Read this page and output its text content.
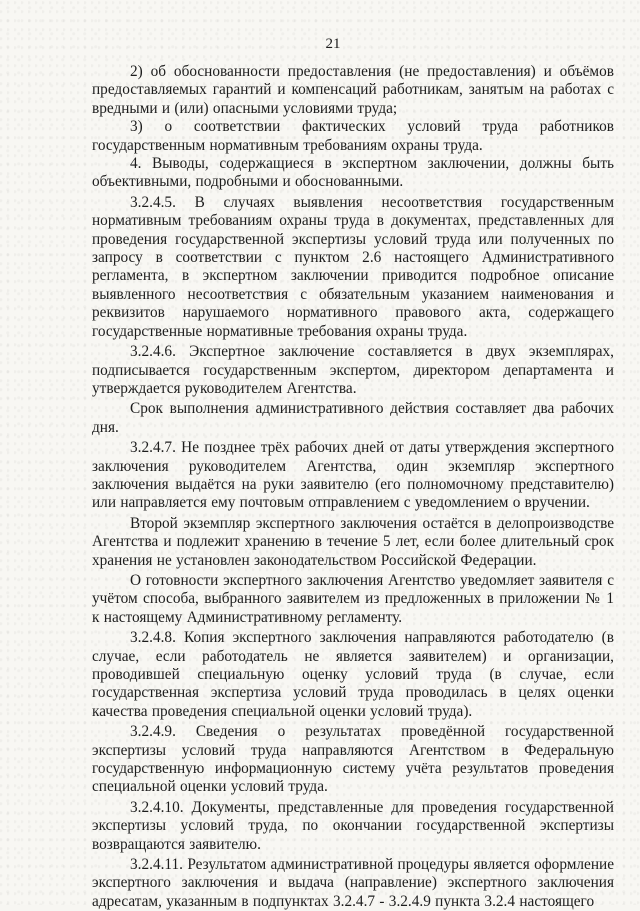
21

2) об обоснованности предоставления (не предоставления) и объёмов предоставляемых гарантий и компенсаций работникам, занятым на работах с вредными и (или) опасными условиями труда;

3) о соответствии фактических условий труда работников государственным нормативным требованиям охраны труда.

4. Выводы, содержащиеся в экспертном заключении, должны быть объективными, подробными и обоснованными.

3.2.4.5. В случаях выявления несоответствия государственным нормативным требованиям охраны труда в документах, представленных для проведения государственной экспертизы условий труда или полученных по запросу в соответствии с пунктом 2.6 настоящего Административного регламента, в экспертном заключении приводится подробное описание выявленного несоответствия с обязательным указанием наименования и реквизитов нарушаемого нормативного правового акта, содержащего государственные нормативные требования охраны труда.

3.2.4.6. Экспертное заключение составляется в двух экземплярах, подписывается государственным экспертом, директором департамента и утверждается руководителем Агентства.

Срок выполнения административного действия составляет два рабочих дня.

3.2.4.7. Не позднее трёх рабочих дней от даты утверждения экспертного заключения руководителем Агентства, один экземпляр экспертного заключения выдаётся на руки заявителю (его полномочному представителю) или направляется ему почтовым отправлением с уведомлением о вручении.

Второй экземпляр экспертного заключения остаётся в делопроизводстве Агентства и подлежит хранению в течение 5 лет, если более длительный срок хранения не установлен законодательством Российской Федерации.

О готовности экспертного заключения Агентство уведомляет заявителя с учётом способа, выбранного заявителем из предложенных в приложении № 1 к настоящему Административному регламенту.

3.2.4.8. Копия экспертного заключения направляются работодателю (в случае, если работодатель не является заявителем) и организации, проводившей специальную оценку условий труда (в случае, если государственная экспертиза условий труда проводилась в целях оценки качества проведения специальной оценки условий труда).

3.2.4.9. Сведения о результатах проведённой государственной экспертизы условий труда направляются Агентством в Федеральную государственную информационную систему учёта результатов проведения специальной оценки условий труда.

3.2.4.10. Документы, представленные для проведения государственной экспертизы условий труда, по окончании государственной экспертизы возвращаются заявителю.

3.2.4.11. Результатом административной процедуры является оформление экспертного заключения и выдача (направление) экспертного заключения адресатам, указанным в подпунктах 3.2.4.7 - 3.2.4.9 пункта 3.2.4 настоящего
